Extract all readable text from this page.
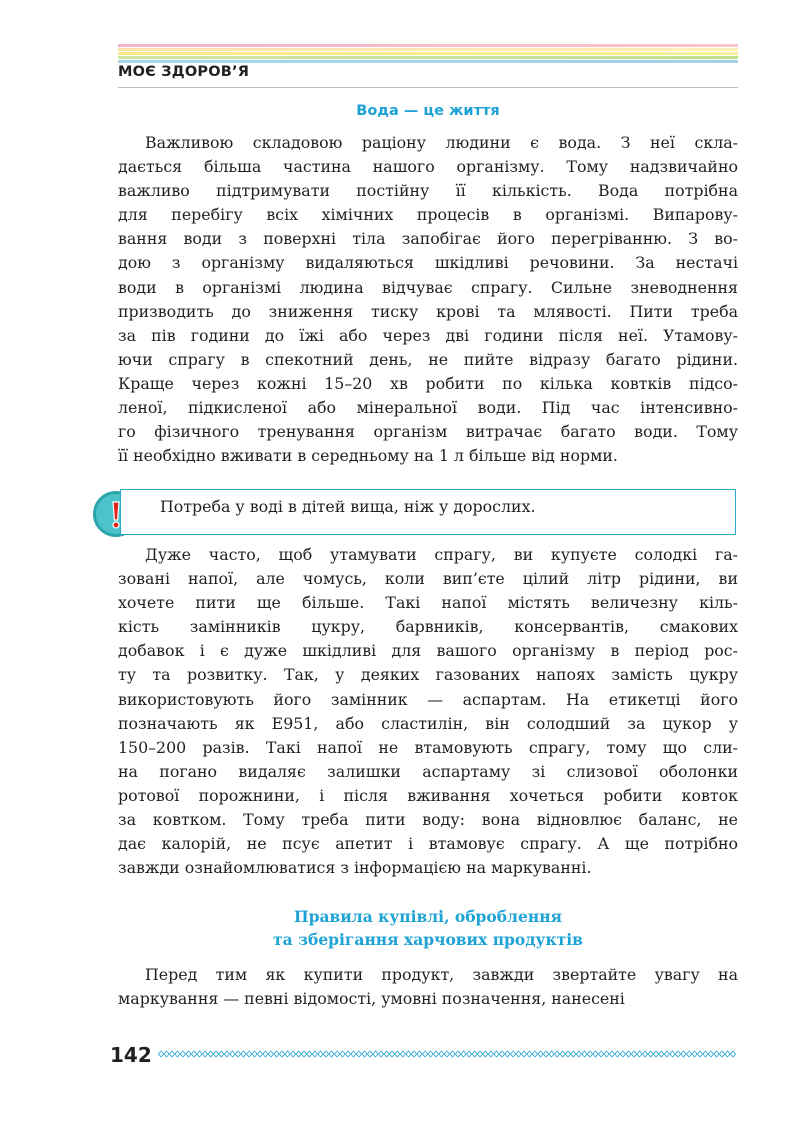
МОЄ ЗДОРОВ’Я
Вода — це життя

Важливою складовою раціону людини є вода. З неї скла-
дається більша частина нашого організму. Тому надзвичайно
важливо підтримувати постійну її кількість. Вода потрібна
для перебігу всіх хімічних процесів в організмі. Випарову-
вання води з поверхні тіла запобігає його перегріванню. З во-
дою з організму видаляються шкідливі речовини. За нестачі
води в організмі людина відчуває спрагу. Сильне зневоднення
призводить до зниження тиску крові та млявості. Пити треба
за пів години до їжі або через дві години після неї. Утамову-
ючи спрагу в спекотний день, не пийте відразу багато рідини.
Краще через кожні 15–20 хв робити по кілька ковтків підсо-
леної, підкисленої або мінеральної води. Під час інтенсивно-
го фізичного тренування організм витрачає багато води. Тому
її необхідно вживати в середньому на 1 л більше від норми.

Потреба у воді в дітей вища, ніж у дорослих.

Дуже часто, щоб утамувати спрагу, ви купуєте солодкі га-
зовані напої, але чомусь, коли вип’єте цілий літр рідини, ви
хочете пити ще більше. Такі напої містять величезну кіль-
кість замінників цукру, барвників, консервантів, смакових
добавок і є дуже шкідливі для вашого організму в період рос-
ту та розвитку. Так, у деяких газованих напоях замість цукру
використовують його замінник — аспартам. На етикетці його
позначають як Е951, або сластилін, він солодший за цукор у
150–200 разів. Такі напої не втамовують спрагу, тому що сли-
на погано видаляє залишки аспартаму зі слизової оболонки
ротової порожнини, і після вживання хочеться робити ковток
за ковтком. Тому треба пити воду: вона відновлює баланс, не
дає калорій, не псує апетит і втамовує спрагу. А ще потрібно
завжди ознайомлюватися з інформацією на маркуванні.

Правила купівлі, оброблення
та зберігання харчових продуктів

Перед тим як купити продукт, завжди звертайте увагу на
маркування — певні відомості, умовні позначення, нанесені

142
